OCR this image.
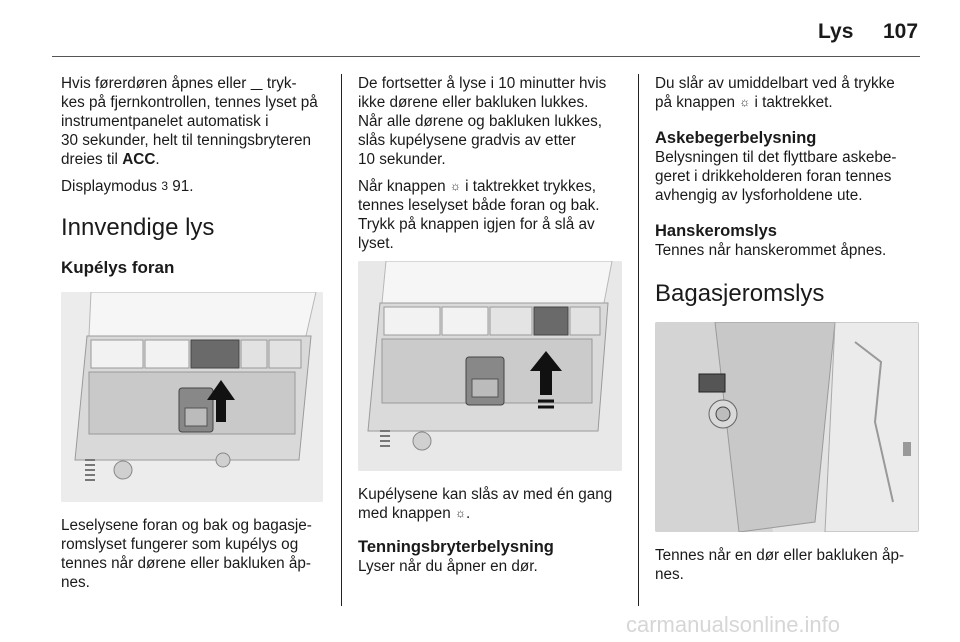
Lys 107

Hvis førerdøren åpnes eller ⎽ tryk-
kes på fjernkontrollen, tennes lyset på
instrumentpanelet automatisk i
30 sekunder, helt til tenningsbryteren
dreies til ACC.

Displaymodus 3 91.

Innvendige lys
Kupélys foran

Leselysene foran og bak og bagasje-
romslyset fungerer som kupélys og
tennes når dørene eller bakluken åp-
nes.

De fortsetter å lyse i 10 minutter hvis
ikke dørene eller bakluken lukkes.
Når alle dørene og bakluken lukkes,
slås kupélysene gradvis av etter
10 sekunder.

Når knappen ☼ i taktrekket trykkes,
tennes leselyset både foran og bak.
Trykk på knappen igjen for å slå av
lyset.

Kupélysene kan slås av med én gang
med knappen ☼.

Tenningsbryterbelysning

Lyser når du åpner en dør.

Du slår av umiddelbart ved å trykke
på knappen ☼ i taktrekket.

Askebegerbelysning

Belysningen til det flyttbare askebe-
geret i drikkeholderen foran tennes
avhengig av lysforholdene ute.

Hanskeromslys

Tennes når hanskerommet åpnes.

Bagasjeromslys

Tennes når en dør eller bakluken åp-
nes.

carmanualsonline.info
